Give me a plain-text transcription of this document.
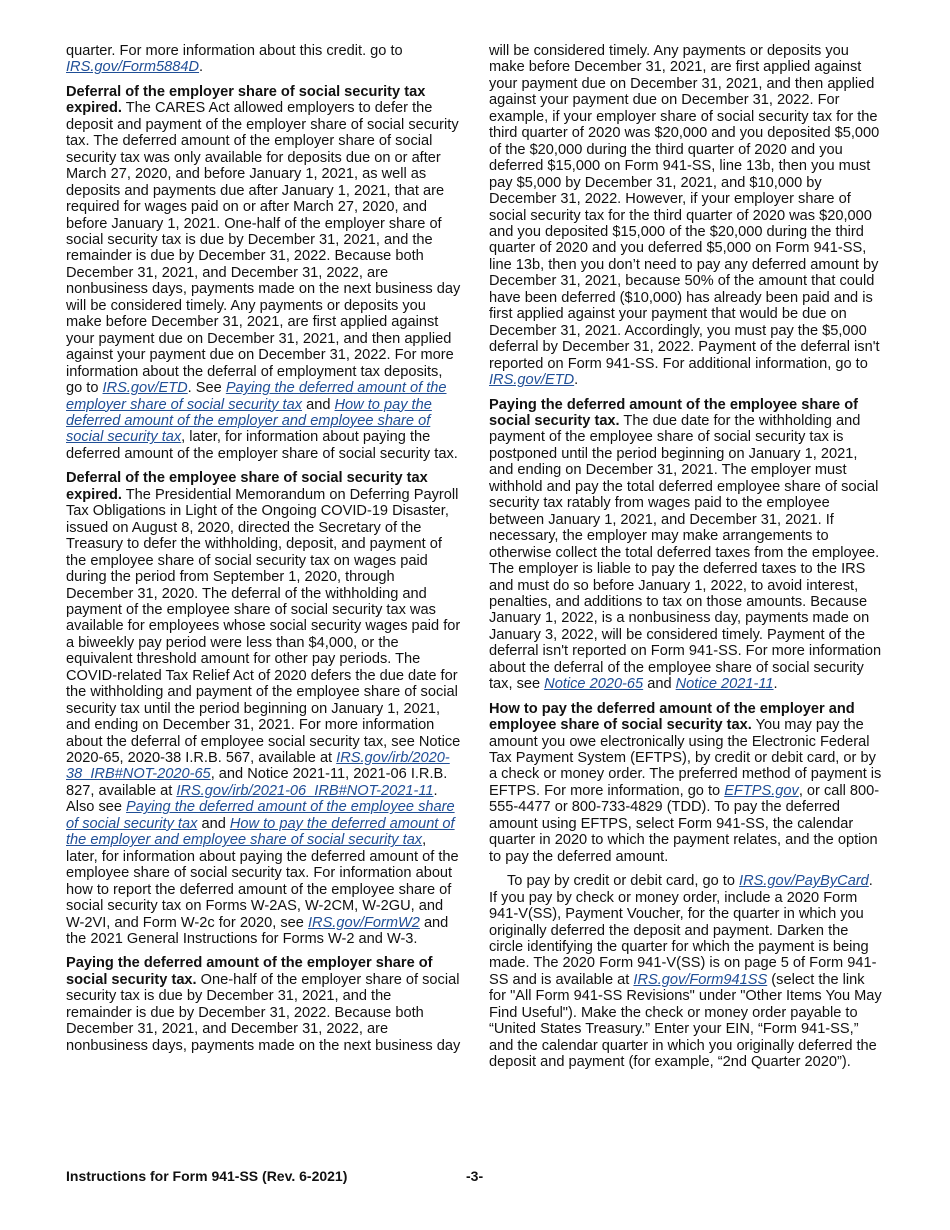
quarter. For more information about this credit. go to IRS.gov/Form5884D.

Deferral of the employer share of social security tax expired. The CARES Act allowed employers to defer the deposit and payment of the employer share of social security tax. The deferred amount of the employer share of social security tax was only available for deposits due on or after March 27, 2020, and before January 1, 2021, as well as deposits and payments due after January 1, 2021, that are required for wages paid on or after March 27, 2020, and before January 1, 2021. One-half of the employer share of social security tax is due by December 31, 2021, and the remainder is due by December 31, 2022. Because both December 31, 2021, and December 31, 2022, are nonbusiness days, payments made on the next business day will be considered timely. Any payments or deposits you make before December 31, 2021, are first applied against your payment due on December 31, 2021, and then applied against your payment due on December 31, 2022. For more information about the deferral of employment tax deposits, go to IRS.gov/ETD. See Paying the deferred amount of the employer share of social security tax and How to pay the deferred amount of the employer and employee share of social security tax, later, for information about paying the deferred amount of the employer share of social security tax.

Deferral of the employee share of social security tax expired. The Presidential Memorandum on Deferring Payroll Tax Obligations in Light of the Ongoing COVID-19 Disaster, issued on August 8, 2020, directed the Secretary of the Treasury to defer the withholding, deposit, and payment of the employee share of social security tax on wages paid during the period from September 1, 2020, through December 31, 2020. The deferral of the withholding and payment of the employee share of social security tax was available for employees whose social security wages paid for a biweekly pay period were less than $4,000, or the equivalent threshold amount for other pay periods. The COVID-related Tax Relief Act of 2020 defers the due date for the withholding and payment of the employee share of social security tax until the period beginning on January 1, 2021, and ending on December 31, 2021. For more information about the deferral of employee social security tax, see Notice 2020-65, 2020-38 I.R.B. 567, available at IRS.gov/irb/2020-38_IRB#NOT-2020-65, and Notice 2021-11, 2021-06 I.R.B. 827, available at IRS.gov/irb/2021-06_IRB#NOT-2021-11. Also see Paying the deferred amount of the employee share of social security tax and How to pay the deferred amount of the employer and employee share of social security tax, later, for information about paying the deferred amount of the employee share of social security tax. For information about how to report the deferred amount of the employee share of social security tax on Forms W-2AS, W-2CM, W-2GU, and W-2VI, and Form W-2c for 2020, see IRS.gov/FormW2 and the 2021 General Instructions for Forms W-2 and W-3.

Paying the deferred amount of the employer share of social security tax. One-half of the employer share of social security tax is due by December 31, 2021, and the remainder is due by December 31, 2022. Because both December 31, 2021, and December 31, 2022, are nonbusiness days, payments made on the next business day

will be considered timely. Any payments or deposits you make before December 31, 2021, are first applied against your payment due on December 31, 2021, and then applied against your payment due on December 31, 2022. For example, if your employer share of social security tax for the third quarter of 2020 was $20,000 and you deposited $5,000 of the $20,000 during the third quarter of 2020 and you deferred $15,000 on Form 941-SS, line 13b, then you must pay $5,000 by December 31, 2021, and $10,000 by December 31, 2022. However, if your employer share of social security tax for the third quarter of 2020 was $20,000 and you deposited $15,000 of the $20,000 during the third quarter of 2020 and you deferred $5,000 on Form 941-SS, line 13b, then you don’t need to pay any deferred amount by December 31, 2021, because 50% of the amount that could have been deferred ($10,000) has already been paid and is first applied against your payment that would be due on December 31, 2021. Accordingly, you must pay the $5,000 deferral by December 31, 2022. Payment of the deferral isn't reported on Form 941-SS. For additional information, go to IRS.gov/ETD.

Paying the deferred amount of the employee share of social security tax. The due date for the withholding and payment of the employee share of social security tax is postponed until the period beginning on January 1, 2021, and ending on December 31, 2021. The employer must withhold and pay the total deferred employee share of social security tax ratably from wages paid to the employee between January 1, 2021, and December 31, 2021. If necessary, the employer may make arrangements to otherwise collect the total deferred taxes from the employee. The employer is liable to pay the deferred taxes to the IRS and must do so before January 1, 2022, to avoid interest, penalties, and additions to tax on those amounts. Because January 1, 2022, is a nonbusiness day, payments made on January 3, 2022, will be considered timely. Payment of the deferral isn't reported on Form 941-SS. For more information about the deferral of the employee share of social security tax, see Notice 2020-65 and Notice 2021-11.

How to pay the deferred amount of the employer and employee share of social security tax. You may pay the amount you owe electronically using the Electronic Federal Tax Payment System (EFTPS), by credit or debit card, or by a check or money order. The preferred method of payment is EFTPS. For more information, go to EFTPS.gov, or call 800-555-4477 or 800-733-4829 (TDD). To pay the deferred amount using EFTPS, select Form 941-SS, the calendar quarter in 2020 to which the payment relates, and the option to pay the deferred amount.

To pay by credit or debit card, go to IRS.gov/PayByCard. If you pay by check or money order, include a 2020 Form 941-V(SS), Payment Voucher, for the quarter in which you originally deferred the deposit and payment. Darken the circle identifying the quarter for which the payment is being made. The 2020 Form 941-V(SS) is on page 5 of Form 941-SS and is available at IRS.gov/Form941SS (select the link for "All Form 941-SS Revisions" under "Other Items You May Find Useful"). Make the check or money order payable to “United States Treasury.” Enter your EIN, “Form 941-SS,” and the calendar quarter in which you originally deferred the deposit and payment (for example, “2nd Quarter 2020”).

Instructions for Form 941-SS (Rev. 6-2021)	-3-
